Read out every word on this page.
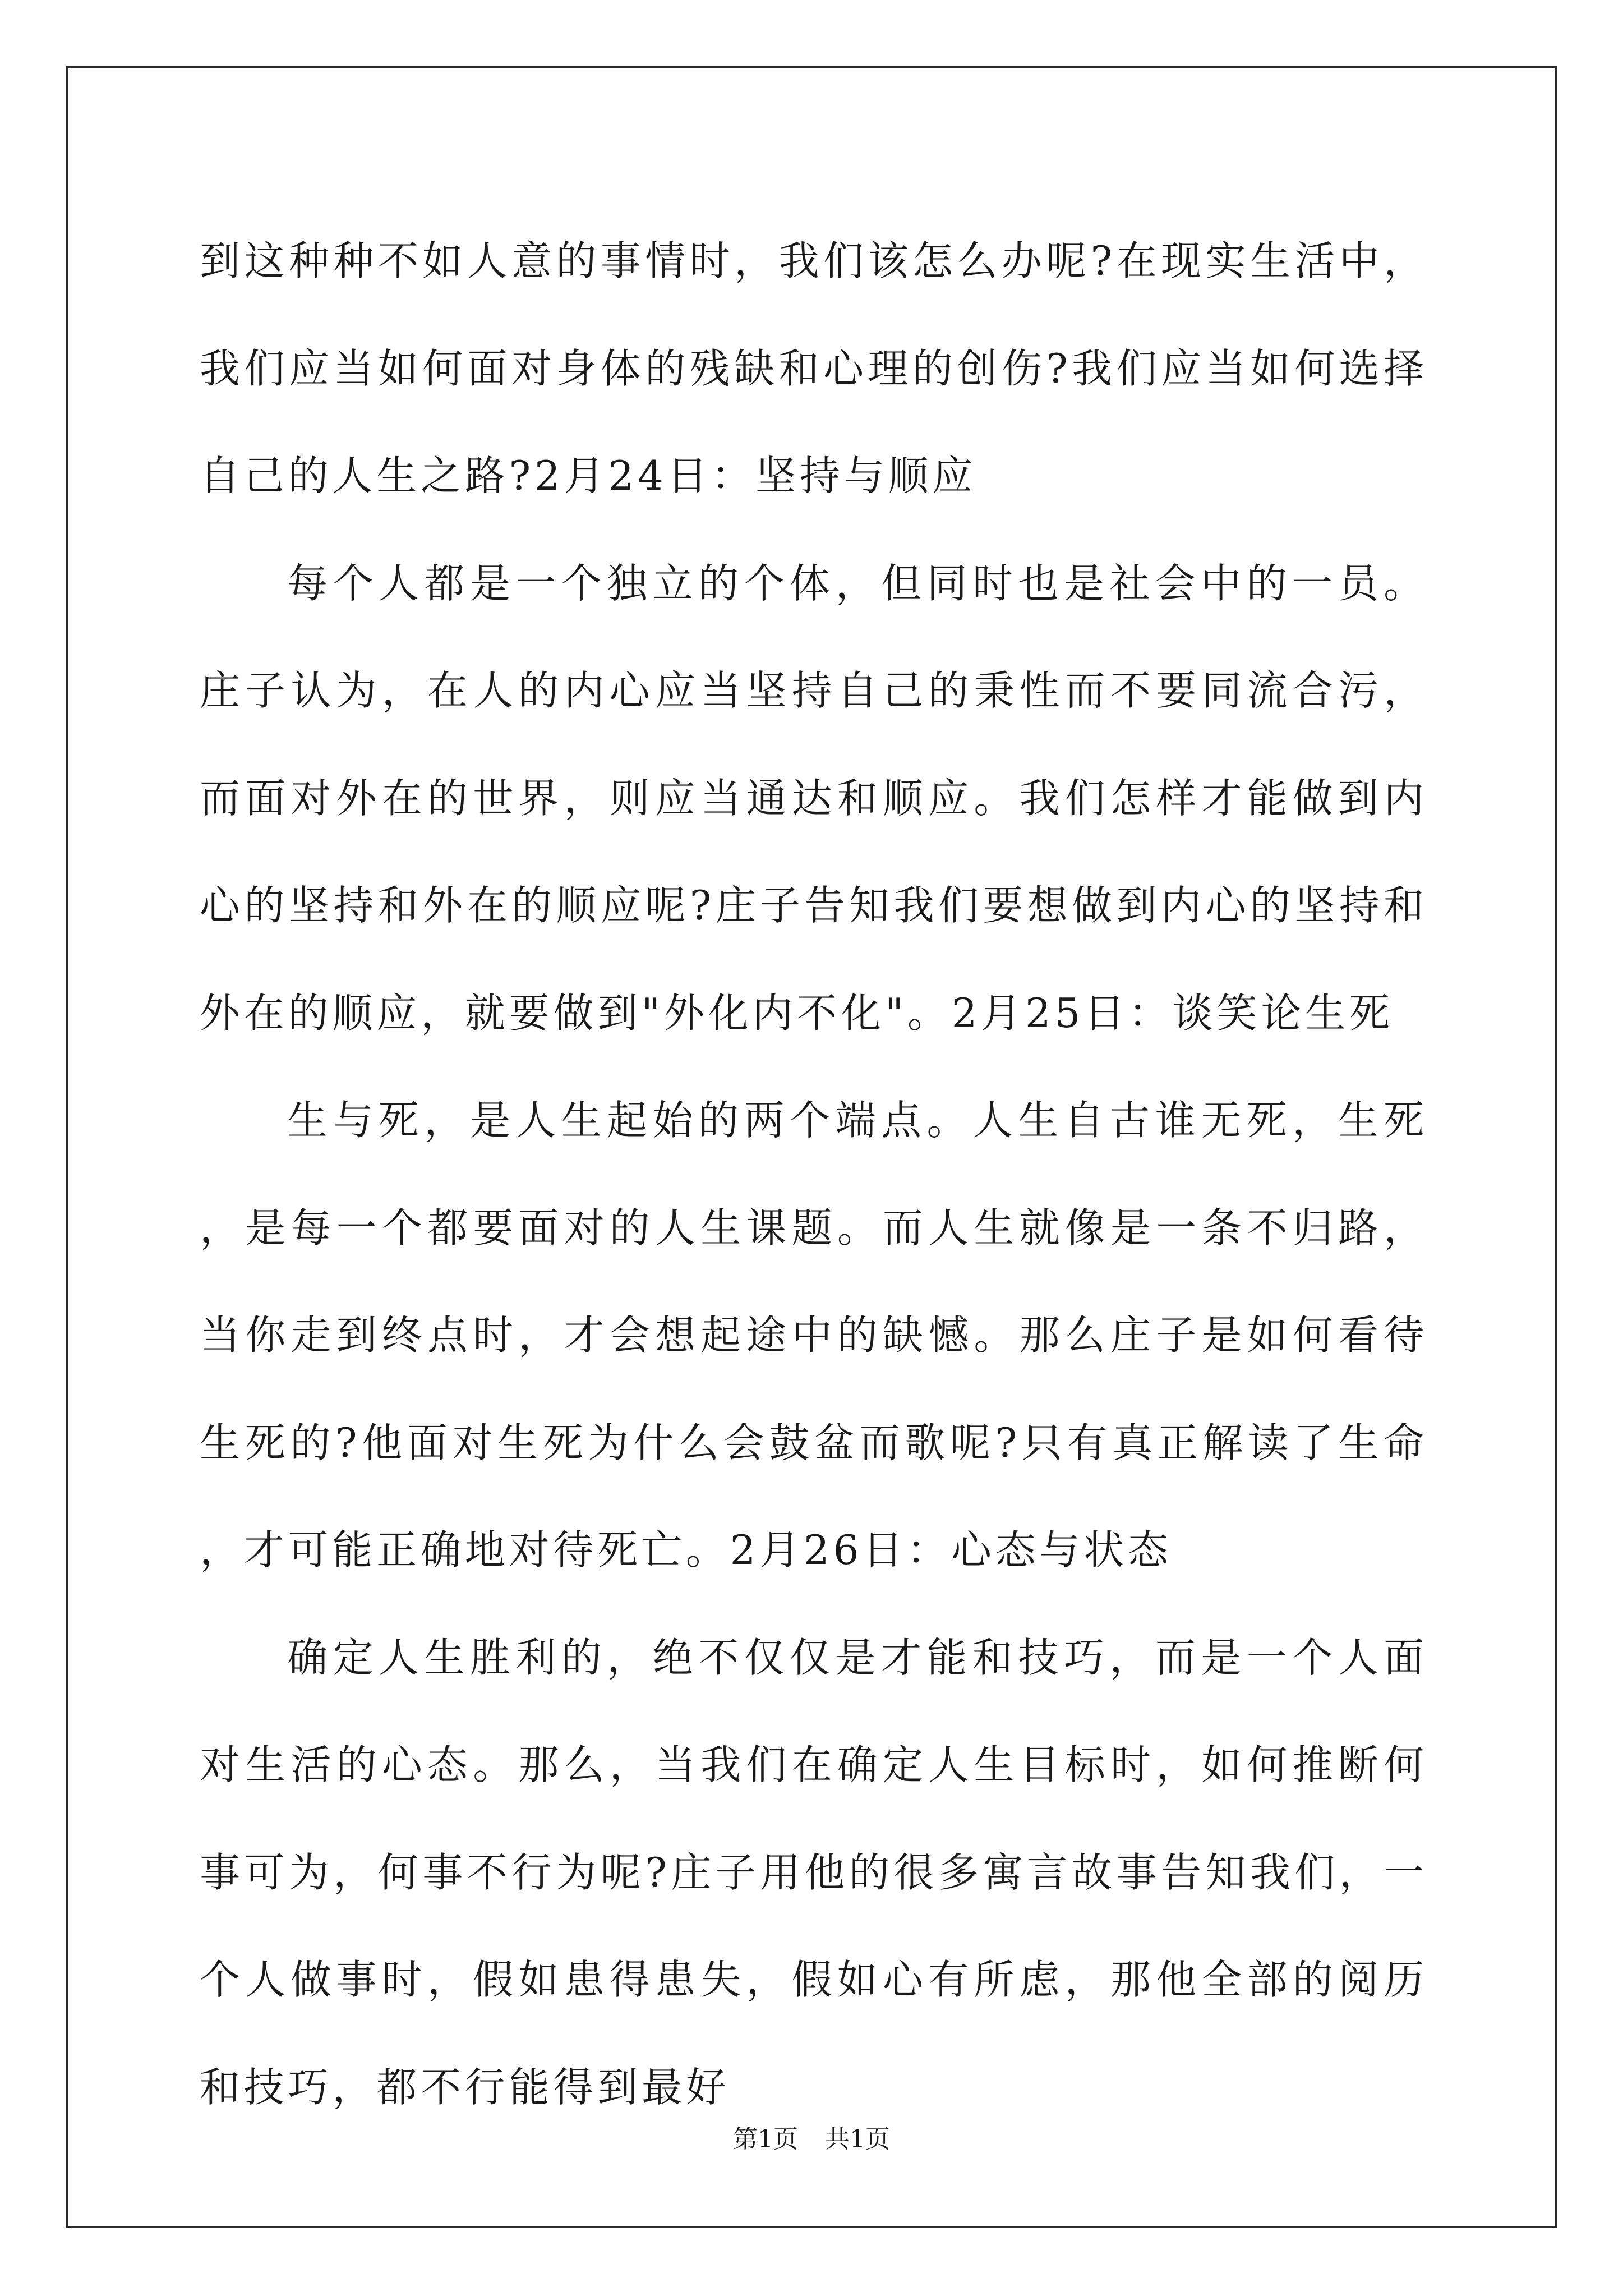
到这种种不如人意的事情时，我们该怎么办呢?在现实生活中，我们应当如何面对身体的残缺和心理的创伤?我们应当如何选择自己的人生之路?2月24日：坚持与顺应

每个人都是一个独立的个体，但同时也是社会中的一员。庄子认为，在人的内心应当坚持自己的秉性而不要同流合污，而面对外在的世界，则应当通达和顺应。我们怎样才能做到内心的坚持和外在的顺应呢?庄子告知我们要想做到内心的坚持和外在的顺应，就要做到"外化内不化"。2月25日：谈笑论生死

生与死，是人生起始的两个端点。人生自古谁无死，生死，是每一个都要面对的人生课题。而人生就像是一条不归路，当你走到终点时，才会想起途中的缺憾。那么庄子是如何看待生死的?他面对生死为什么会鼓盆而歌呢?只有真正解读了生命，才可能正确地对待死亡。2月26日：心态与状态

确定人生胜利的，绝不仅仅是才能和技巧，而是一个人面对生活的心态。那么，当我们在确定人生目标时，如何推断何事可为，何事不行为呢?庄子用他的很多寓言故事告知我们，一个人做事时，假如患得患失，假如心有所虑，那他全部的阅历和技巧，都不行能得到最好

第1页 共1页
